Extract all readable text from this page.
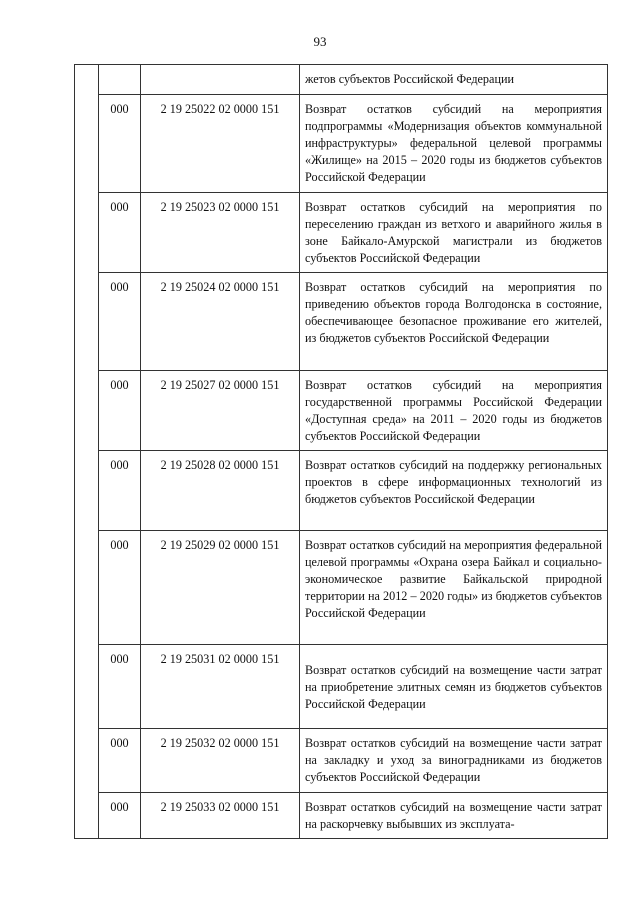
93
			жетов субъектов Российской Федерации
	000	2 19 25022 02 0000 151	Возврат остатков субсидий на мероприятия подпрограммы «Модернизация объектов коммунальной инфраструктуры» федеральной целевой программы «Жилище» на 2015 – 2020 годы из бюджетов субъектов Российской Федерации
	000	2 19 25023 02 0000 151	Возврат остатков субсидий на мероприятия по переселению граждан из ветхого и аварийного жилья в зоне Байкало-Амурской магистрали из бюджетов субъектов Российской Федерации
	000	2 19 25024 02 0000 151	Возврат остатков субсидий на мероприятия по приведению объектов города Волгодонска в состояние, обеспечивающее безопасное проживание его жителей, из бюджетов субъектов Российской Федерации
	000	2 19 25027 02 0000 151	Возврат остатков субсидий на мероприятия государственной программы Российской Федерации «Доступная среда» на 2011 – 2020 годы из бюджетов субъектов Российской Федерации
	000	2 19 25028 02 0000 151	Возврат остатков субсидий на поддержку региональных проектов в сфере информационных технологий из бюджетов субъектов Российской Федерации
	000	2 19 25029 02 0000 151	Возврат остатков субсидий на мероприятия федеральной целевой программы «Охрана озера Байкал и социально-экономическое развитие Байкальской природной территории на 2012 – 2020 годы» из бюджетов субъектов Российской Федерации
	000	2 19 25031 02 0000 151	Возврат остатков субсидий на возмещение части затрат на приобретение элитных семян из бюджетов субъектов Российской Федерации
	000	2 19 25032 02 0000 151	Возврат остатков субсидий на возмещение части затрат на закладку и уход за виноградниками из бюджетов субъектов Российской Федерации
	000	2 19 25033 02 0000 151	Возврат остатков субсидий на возмещение части затрат на раскорчевку выбывших из эксплуата-
